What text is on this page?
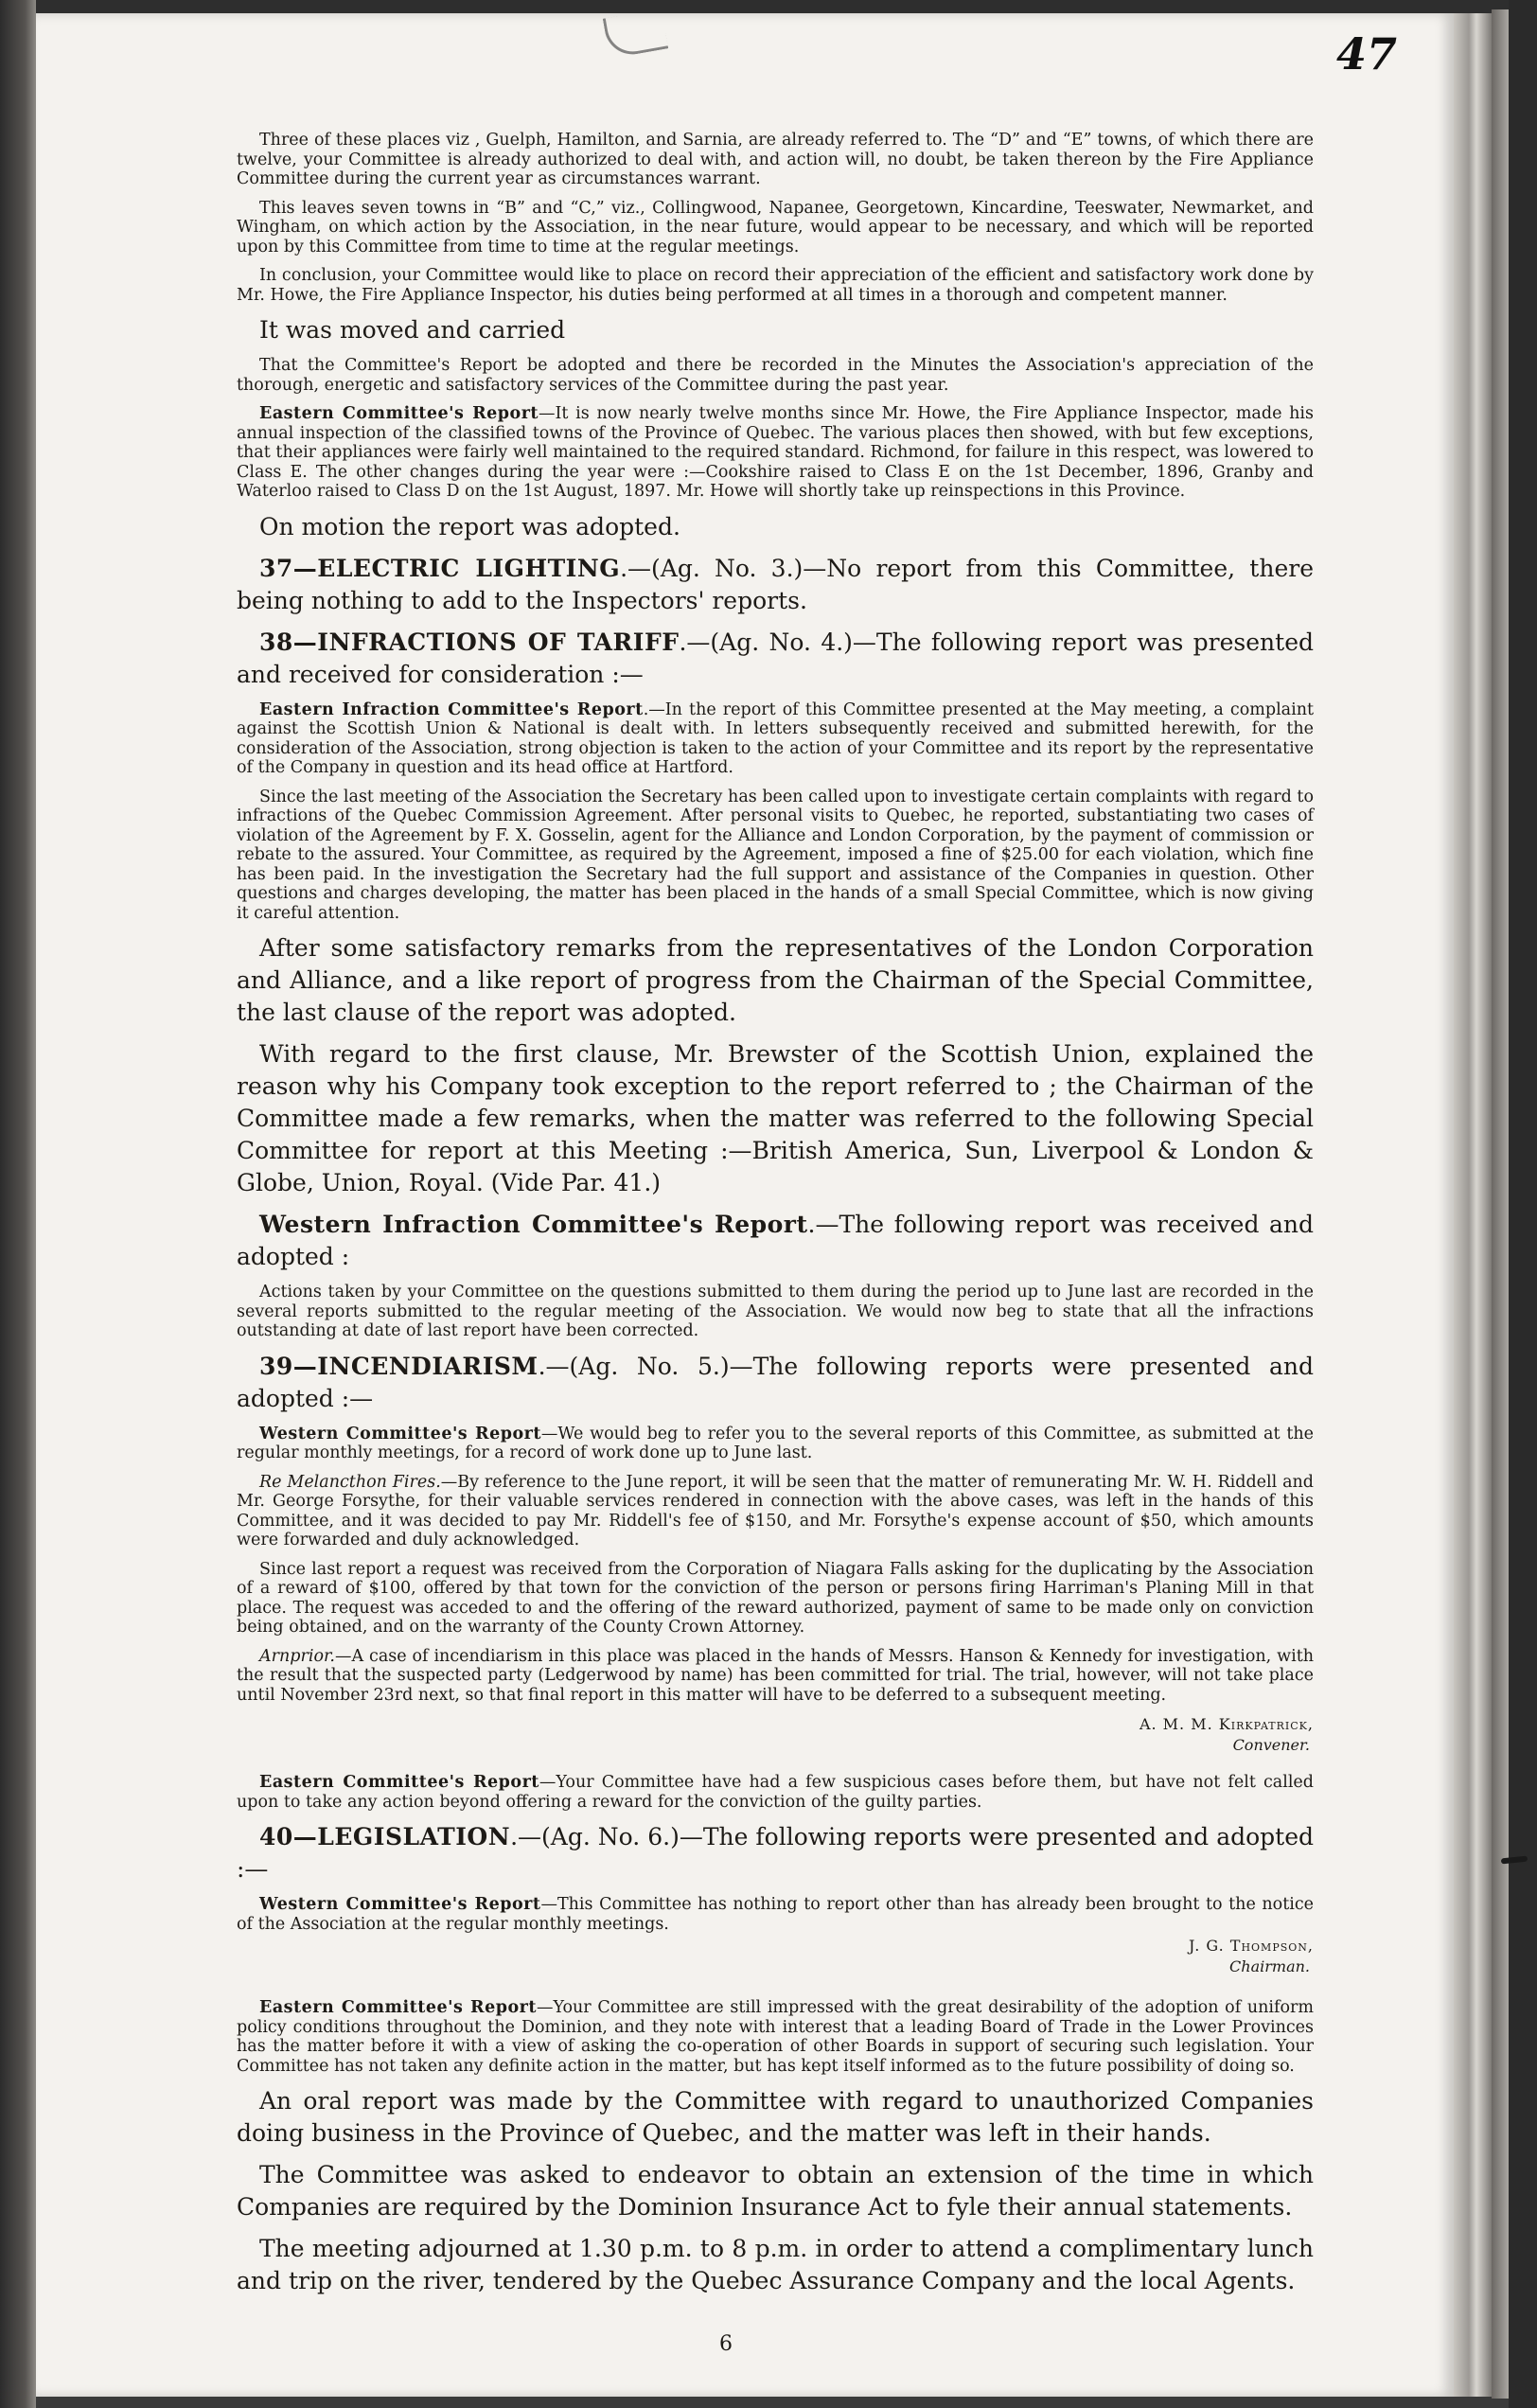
47

Three of these places viz , Guelph, Hamilton, and Sarnia, are already referred to. The “D” and “E” towns, of which there are twelve, your Committee is already authorized to deal with, and action will, no doubt, be taken thereon by the Fire Appliance Committee during the current year as circumstances warrant.

This leaves seven towns in “B” and “C,” viz., Collingwood, Napanee, Georgetown, Kincardine, Teeswater, Newmarket, and Wingham, on which action by the Association, in the near future, would appear to be necessary, and which will be reported upon by this Committee from time to time at the regular meetings.

In conclusion, your Committee would like to place on record their appreciation of the efficient and satisfactory work done by Mr. Howe, the Fire Appliance Inspector, his duties being performed at all times in a thorough and competent manner.

It was moved and carried

That the Committee's Report be adopted and there be recorded in the Minutes the Association's appreciation of the thorough, energetic and satisfactory services of the Committee during the past year.

Eastern Committee's Report—It is now nearly twelve months since Mr. Howe, the Fire Appliance Inspector, made his annual inspection of the classified towns of the Province of Quebec. The various places then showed, with but few exceptions, that their appliances were fairly well maintained to the required standard. Richmond, for failure in this respect, was lowered to Class E. The other changes during the year were :—Cookshire raised to Class E on the 1st December, 1896, Granby and Waterloo raised to Class D on the 1st August, 1897. Mr. Howe will shortly take up reinspections in this Province.

On motion the report was adopted.

37—ELECTRIC LIGHTING.—(Ag. No. 3.)—No report from this Committee, there being nothing to add to the Inspectors' reports.

38—INFRACTIONS OF TARIFF.—(Ag. No. 4.)—The following report was presented and received for consideration :—

Eastern Infraction Committee's Report.—In the report of this Committee presented at the May meeting, a complaint against the Scottish Union & National is dealt with. In letters subsequently received and submitted herewith, for the consideration of the Association, strong objection is taken to the action of your Committee and its report by the representative of the Company in question and its head office at Hartford.

Since the last meeting of the Association the Secretary has been called upon to investigate certain complaints with regard to infractions of the Quebec Commission Agreement. After personal visits to Quebec, he reported, substantiating two cases of violation of the Agreement by F. X. Gosselin, agent for the Alliance and London Corporation, by the payment of commission or rebate to the assured. Your Committee, as required by the Agreement, imposed a fine of $25.00 for each violation, which fine has been paid. In the investigation the Secretary had the full support and assistance of the Companies in question. Other questions and charges developing, the matter has been placed in the hands of a small Special Committee, which is now giving it careful attention.

After some satisfactory remarks from the representatives of the London Corporation and Alliance, and a like report of progress from the Chairman of the Special Committee, the last clause of the report was adopted.

With regard to the first clause, Mr. Brewster of the Scottish Union, explained the reason why his Company took exception to the report referred to ; the Chairman of the Committee made a few remarks, when the matter was referred to the following Special Committee for report at this Meeting :—British America, Sun, Liverpool & London & Globe, Union, Royal. (Vide Par. 41.)

Western Infraction Committee's Report.—The following report was received and adopted :

Actions taken by your Committee on the questions submitted to them during the period up to June last are recorded in the several reports submitted to the regular meeting of the Association. We would now beg to state that all the infractions outstanding at date of last report have been corrected.

39—INCENDIARISM.—(Ag. No. 5.)—The following reports were presented and adopted :—

Western Committee's Report—We would beg to refer you to the several reports of this Committee, as submitted at the regular monthly meetings, for a record of work done up to June last.

Re Melancthon Fires.—By reference to the June report, it will be seen that the matter of remunerating Mr. W. H. Riddell and Mr. George Forsythe, for their valuable services rendered in connection with the above cases, was left in the hands of this Committee, and it was decided to pay Mr. Riddell's fee of $150, and Mr. Forsythe's expense account of $50, which amounts were forwarded and duly acknowledged.

Since last report a request was received from the Corporation of Niagara Falls asking for the duplicating by the Association of a reward of $100, offered by that town for the conviction of the person or persons firing Harriman's Planing Mill in that place. The request was acceded to and the offering of the reward authorized, payment of same to be made only on conviction being obtained, and on the warranty of the County Crown Attorney.

Arnprior.—A case of incendiarism in this place was placed in the hands of Messrs. Hanson & Kennedy for investigation, with the result that the suspected party (Ledgerwood by name) has been committed for trial. The trial, however, will not take place until November 23rd next, so that final report in this matter will have to be deferred to a subsequent meeting.

A. M. M. Kirkpatrick,
Convener.

Eastern Committee's Report—Your Committee have had a few suspicious cases before them, but have not felt called upon to take any action beyond offering a reward for the conviction of the guilty parties.

40—LEGISLATION.—(Ag. No. 6.)—The following reports were presented and adopted :—

Western Committee's Report—This Committee has nothing to report other than has already been brought to the notice of the Association at the regular monthly meetings.

J. G. Thompson,
Chairman.

Eastern Committee's Report—Your Committee are still impressed with the great desirability of the adoption of uniform policy conditions throughout the Dominion, and they note with interest that a leading Board of Trade in the Lower Provinces has the matter before it with a view of asking the co-operation of other Boards in support of securing such legislation. Your Committee has not taken any definite action in the matter, but has kept itself informed as to the future possibility of doing so.

An oral report was made by the Committee with regard to unauthorized Companies doing business in the Province of Quebec, and the matter was left in their hands.

The Committee was asked to endeavor to obtain an extension of the time in which Companies are required by the Dominion Insurance Act to fyle their annual statements.

The meeting adjourned at 1.30 p.m. to 8 p.m. in order to attend a complimentary lunch and trip on the river, tendered by the Quebec Assurance Company and the local Agents.

6
